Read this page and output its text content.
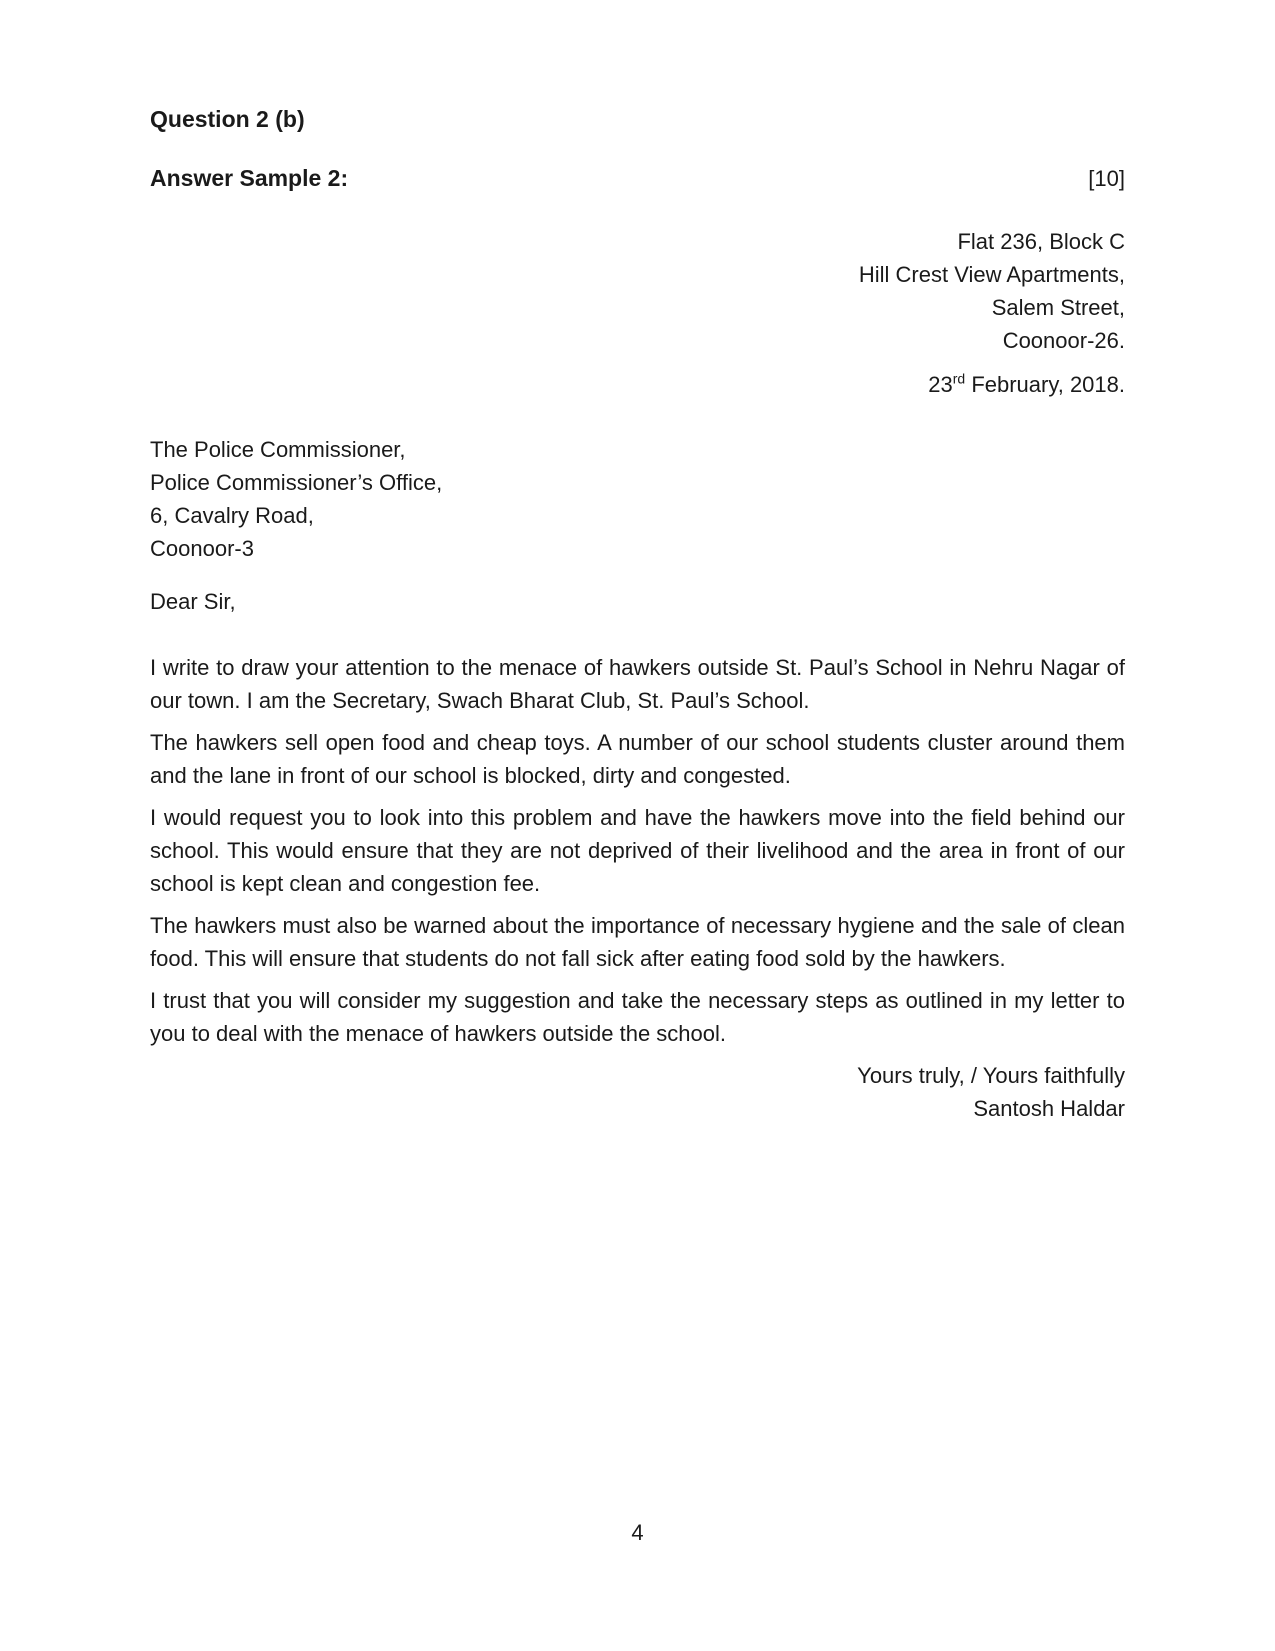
Question 2 (b)
Answer Sample 2:	[10]
Flat 236, Block C
Hill Crest View Apartments,
Salem Street,
Coonoor-26.
23rd February, 2018.
The Police Commissioner,
Police Commissioner’s Office,
6, Cavalry Road,
Coonoor-3
Dear Sir,

I write to draw your attention to the menace of hawkers outside St. Paul’s School in Nehru Nagar of our town. I am the Secretary, Swach Bharat Club, St. Paul’s School.

The hawkers sell open food and cheap toys. A number of our school students cluster around them and the lane in front of our school is blocked, dirty and congested.

I would request you to look into this problem and have the hawkers move into the field behind our school. This would ensure that they are not deprived of their livelihood and the area in front of our school is kept clean and congestion fee.

The hawkers must also be warned about the importance of necessary hygiene and the sale of clean food. This will ensure that students do not fall sick after eating food sold by the hawkers.

I trust that you will consider my suggestion and take the necessary steps as outlined in my letter to you to deal with the menace of hawkers outside the school.

Yours truly, / Yours faithfully
Santosh Haldar
4
